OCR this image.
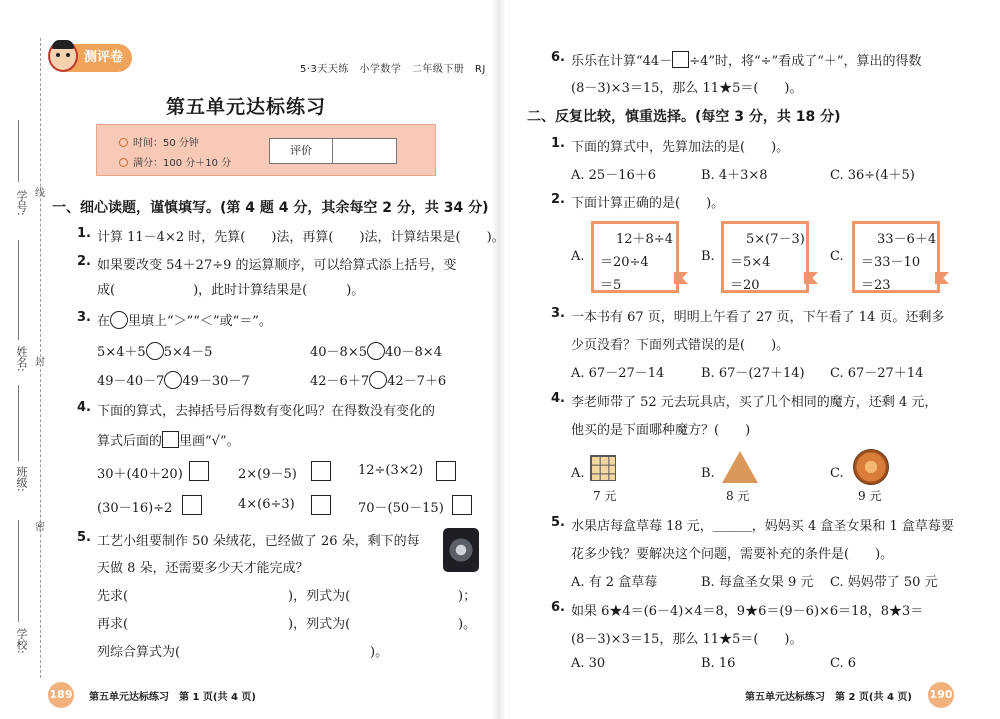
学号:
姓名:
班级:
学校:
线
封
密
测评卷
5·3天天练　小学数学　二年级下册　RJ
第五单元达标练习
时间：50 分钟
满分：100 分＋10 分
评价
一、细心读题，谨慎填写。(第 4 题 4 分，其余每空 2 分，共 34 分)
1. 计算 11－4×2 时，先算(　　)法，再算(　　)法，计算结果是(　　)。
2. 如果要改变 54＋27÷9 的运算顺序，可以给算式添上括号，变
成(　　　　　　)，此时计算结果是(　　　)。
3. 在 里填上“＞”“＜”或“＝”。
5×4＋5 5×4－5	40－8×5 40－8×4
49－40－7 49－30－7	42－6＋7 42－7＋6
4. 下面的算式，去掉括号后得数有变化吗？在得数没有变化的
算式后面的 里画“√”。
30＋(40＋20)	2×(9－5)	12÷(3×2)
(30－16)÷2	4×(6÷3)	70－(50－15)
5. 工艺小组要制作 50 朵绒花，已经做了 26 朵，剩下的每
天做 8 朵，还需要多少天才能完成？
先求(	)，列式为(	)；
再求(	)，列式为(	)。
列综合算式为(	)。
189 第五单元达标练习　第 1 页(共 4 页)
6. 乐乐在计算“44－ ÷4”时，将“÷”看成了“＋”，算出的得数
(8－3)×3＝15，那么 11★5＝(　　)。
二、反复比较，慎重选择。(每空 3 分，共 18 分)
1. 下面的算式中，先算加法的是(　　)。
A. 25－16＋6	B. 4＋3×8	C. 36÷(4＋5)
2. 下面计算正确的是(　　)。
A.
12＋8÷4
＝20÷4
＝5
B.
5×(7－3)
＝5×4
＝20
C.
33－6＋4
＝33－10
＝23
3. 一本书有 67 页，明明上午看了 27 页，下午看了 14 页。还剩多
少页没看？下面列式错误的是(　　)。
A. 67－27－14	B. 67－(27＋14) C. 67－27＋14
4. 李老师带了 52 元去玩具店，买了几个相同的魔方，还剩 4 元，
他买的是下面哪种魔方？(　　)
A.
7 元
B.
8 元
C.
9 元
5. 水果店每盒草莓 18 元，＿＿＿，妈妈买 4 盒圣女果和 1 盒草莓要
花多少钱？要解决这个问题，需要补充的条件是(　　)。
A. 有 2 盒草莓	B. 每盒圣女果 9 元 C. 妈妈带了 50 元
6. 如果 6★4＝(6－4)×4＝8，9★6＝(9－6)×6＝18，8★3＝
(8－3)×3＝15，那么 11★5＝(　　)。
A. 30	B. 16	C. 6
第五单元达标练习　第 2 页(共 4 页) 190
